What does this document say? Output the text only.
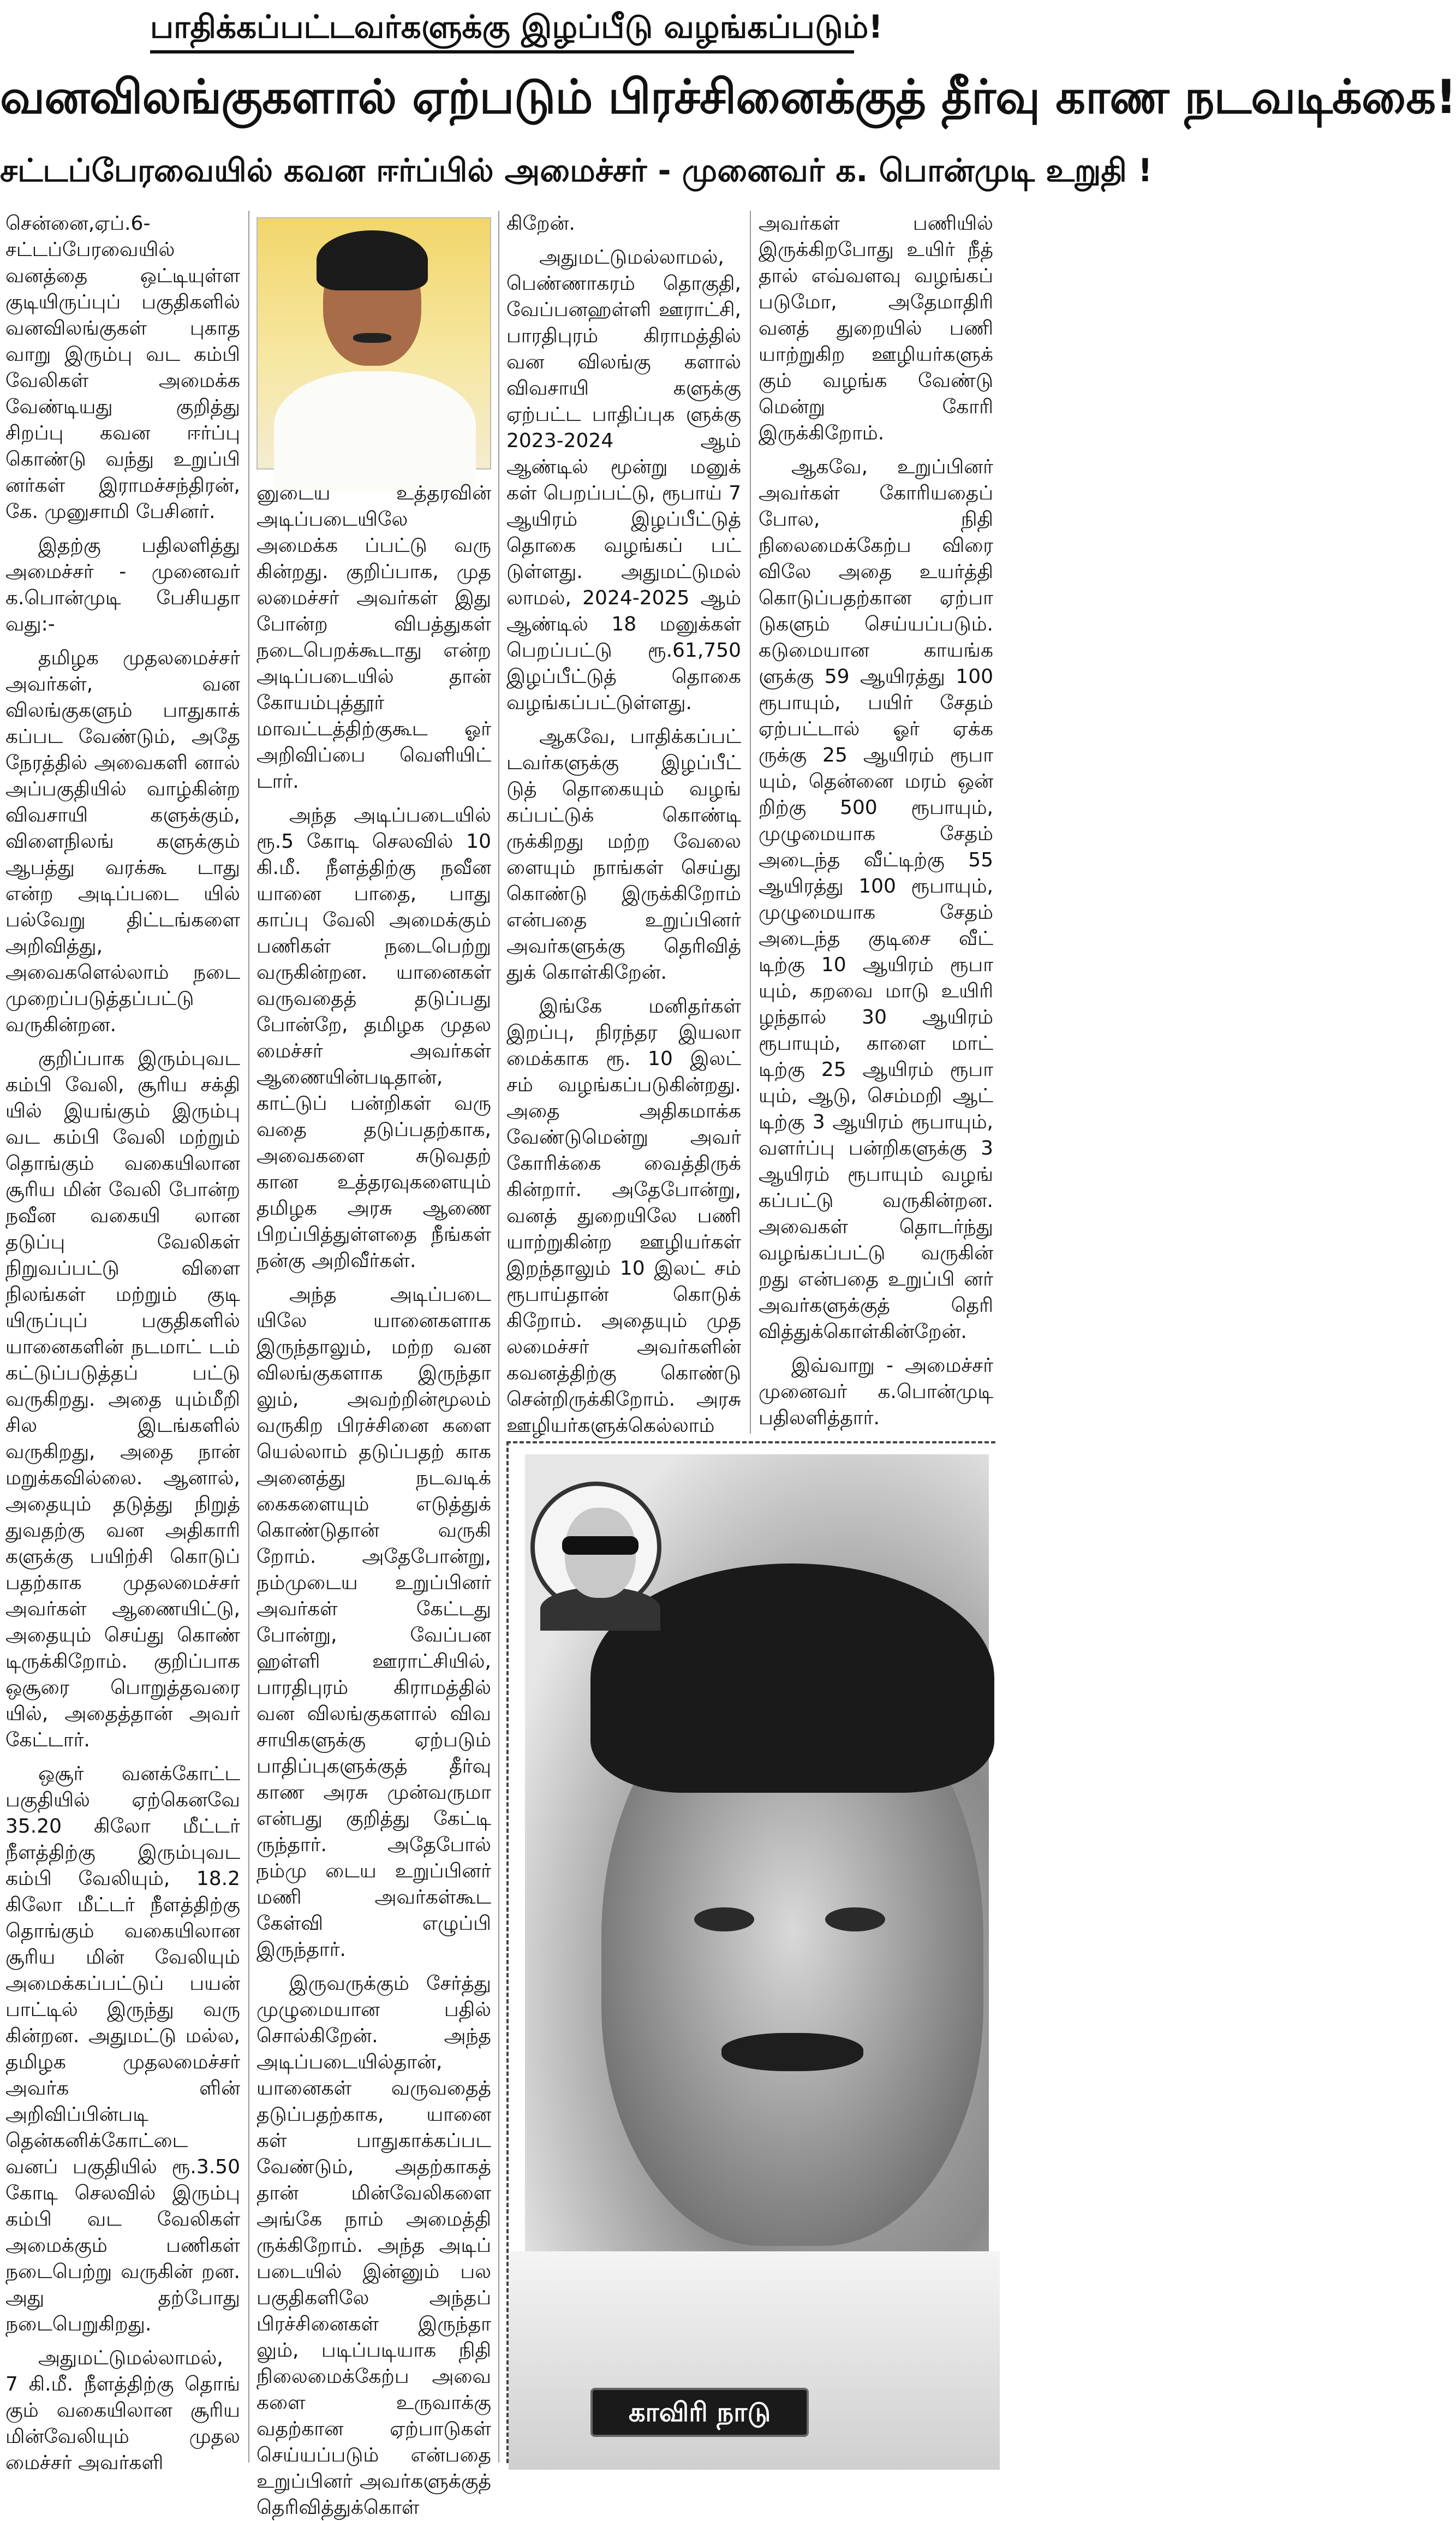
பாதிக்கப்பட்டவர்களுக்கு இழப்பீடு வழங்கப்படும்!
வனவிலங்குகளால் ஏற்படும் பிரச்சினைக்குத் தீர்வு காண நடவடிக்கை!
சட்டப்பேரவையில் கவன ஈர்ப்பில் அமைச்சர் - முனைவர் க. பொன்முடி உறுதி !

சென்னை,ஏப்.6- சட்டப்பேரவையில் வனத்தை ஒட்டியுள்ள குடியிருப்புப் பகுதிகளில் வனவிலங்குகள் புகாத வாறு இரும்பு வட கம்பி வேலிகள் அமைக்க வேண்டியது குறித்து சிறப்பு கவன ஈர்ப்பு கொண்டு வந்து உறுப்பி னர்கள் இராமச்சந்திரன், கே. முனுசாமி பேசினர்.

இதற்கு பதிலளித்து அமைச்சர் - முனைவர் க.பொன்முடி பேசியதா வது:-

தமிழக முதலமைச்சர் அவர்கள், வன விலங்குகளும் பாதுகாக் கப்பட வேண்டும், அதே நேரத்தில் அவைகளி னால் அப்பகுதியில் வாழ்கின்ற விவசாயி களுக்கும், விளைநிலங் களுக்கும் ஆபத்து வரக்கூ டாது என்ற அடிப்படை யில் பல்வேறு திட்டங்களை அறிவித்து, அவைகளெல்லாம் நடை முறைப்படுத்தப்பட்டு வருகின்றன.

குறிப்பாக இரும்புவட கம்பி வேலி, சூரிய சக்தி யில் இயங்கும் இரும்பு வட கம்பி வேலி மற்றும் தொங்கும் வகையிலான சூரிய மின் வேலி போன்ற நவீன வகையி லான தடுப்பு வேலிகள் நிறுவப்பட்டு விளை நிலங்கள் மற்றும் குடி யிருப்புப் பகுதிகளில் யானைகளின் நடமாட் டம் கட்டுப்படுத்தப் பட்டு வருகிறது. அதை யும்மீறி சில இடங்களில் வருகிறது, அதை நான் மறுக்கவில்லை. ஆனால், அதையும் தடுத்து நிறுத் துவதற்கு வன அதிகாரி களுக்கு பயிற்சி கொடுப் பதற்காக முதலமைச்சர் அவர்கள் ஆணையிட்டு, அதையும் செய்து கொண் டிருக்கிறோம். குறிப்பாக ஒசூரை பொறுத்தவரை யில், அதைத்தான் அவர் கேட்டார்.

ஒசூர் வனக்கோட்ட பகுதியில் ஏற்கெனவே 35.20 கிலோ மீட்டர் நீளத்திற்கு இரும்புவட கம்பி வேலியும், 18.2 கிலோ மீட்டர் நீளத்திற்கு தொங்கும் வகையிலான சூரிய மின் வேலியும் அமைக்கப்பட்டுப் பயன் பாட்டில் இருந்து வரு கின்றன. அதுமட்டு மல்ல, தமிழக முதலமைச்சர் அவர்க ளின் அறிவிப்பின்படி தென்கனிக்கோட்டை வனப் பகுதியில் ரூ.3.50 கோடி செலவில் இரும்பு கம்பி வட வேலிகள் அமைக்கும் பணிகள் நடைபெற்று வருகின் றன. அது தற்போது நடைபெறுகிறது.

அதுமட்டுமல்லாமல், 7 கி.மீ. நீளத்திற்கு தொங் கும் வகையிலான சூரிய மின்வேலியும் முதல மைச்சர் அவர்களி

னுடைய உத்தரவின் அடிப்படையிலே அமைக்க ப்பட்டு வரு கின்றது. குறிப்பாக, முத லமைச்சர் அவர்கள் இது போன்ற விபத்துகள் நடைபெறக்கூடாது என்ற அடிப்படையில் தான் கோயம்புத்தூர் மாவட்டத்திற்குகூட ஓர் அறிவிப்பை வெளியிட் டார்.

அந்த அடிப்படையில் ரூ.5 கோடி செலவில் 10 கி.மீ. நீளத்திற்கு நவீன யானை பாதை, பாது காப்பு வேலி அமைக்கும் பணிகள் நடைபெற்று வருகின்றன. யானைகள் வருவதைத் தடுப்பது போன்றே, தமிழக முதல மைச்சர் அவர்கள் ஆணையின்படிதான், காட்டுப் பன்றிகள் வரு வதை தடுப்பதற்காக, அவைகளை சுடுவதற் கான உத்தரவுகளையும் தமிழக அரசு ஆணை பிறப்பித்துள்ளதை நீங்கள் நன்கு அறிவீர்கள்.

அந்த அடிப்படை யிலே யானைகளாக இருந்தாலும், மற்ற வன விலங்குகளாக இருந்தா லும், அவற்றின்மூலம் வருகிற பிரச்சினை களை யெல்லாம் தடுப்பதற் காக அனைத்து நடவடிக் கைகளையும் எடுத்துக் கொண்டுதான் வருகி றோம். அதேபோன்று, நம்முடைய உறுப்பினர் அவர்கள் கேட்டது போன்று, வேப்பன ஹள்ளி ஊராட்சியில், பாரதிபுரம் கிராமத்தில் வன விலங்குகளால் விவ சாயிகளுக்கு ஏற்படும் பாதிப்புகளுக்குத் தீர்வு காண அரசு முன்வருமா என்பது குறித்து கேட்டி ருந்தார். அதேபோல் நம்மு டைய உறுப்பினர் மணி அவர்கள்கூட கேள்வி எழுப்பி இருந்தார்.

இருவருக்கும் சேர்த்து முழுமையான பதில் சொல்கிறேன். அந்த அடிப்படையில்தான், யானைகள் வருவதைத் தடுப்பதற்காக, யானை கள் பாதுகாக்கப்பட வேண்டும், அதற்காகத் தான் மின்வேலிகளை அங்கே நாம் அமைத்தி ருக்கிறோம். அந்த அடிப் படையில் இன்னும் பல பகுதிகளிலே அந்தப் பிரச்சினைகள் இருந்தா லும், படிப்படியாக நிதி நிலைமைக்கேற்ப அவை களை உருவாக்கு வதற்கான ஏற்பாடுகள் செய்யப்படும் என்பதை உறுப்பினர் அவர்களுக்குத் தெரிவித்துக்கொள்

கிறேன்.

அதுமட்டுமல்லாமல், பெண்ணாகரம் தொகுதி, வேப்பனஹள்ளி ஊராட்சி, பாரதிபுரம் கிராமத்தில் வன விலங்கு களால் விவசாயி களுக்கு ஏற்பட்ட பாதிப்புக ளுக்கு 2023-2024 ஆம் ஆண்டில் மூன்று மனுக் கள் பெறப்பட்டு, ரூபாய் 7 ஆயிரம் இழப்பீட்டுத் தொகை வழங்கப் பட் டுள்ளது. அதுமட்டுமல் லாமல், 2024-2025 ஆம் ஆண்டில் 18 மனுக்கள் பெறப்பட்டு ரூ.61,750 இழப்பீட்டுத் தொகை வழங்கப்பட்டுள்ளது.

ஆகவே, பாதிக்கப்பட் டவர்களுக்கு இழப்பீட் டுத் தொகையும் வழங் கப்பட்டுக் கொண்டி ருக்கிறது மற்ற வேலை ளையும் நாங்கள் செய்து கொண்டு இருக்கிறோம் என்பதை உறுப்பினர் அவர்களுக்கு தெரிவித் துக் கொள்கிறேன்.

இங்கே மனிதர்கள் இறப்பு, நிரந்தர இயலா மைக்காக ரூ. 10 இலட் சம் வழங்கப்படுகின்றது. அதை அதிகமாக்க வேண்டுமென்று அவர் கோரிக்கை வைத்திருக் கின்றார். அதேபோன்று, வனத் துறையிலே பணி யாற்றுகின்ற ஊழியர்கள் இறந்தாலும் 10 இலட் சம் ரூபாய்தான் கொடுக் கிறோம். அதையும் முத லமைச்சர் அவர்களின் கவனத்திற்கு கொண்டு சென்றிருக்கிறோம். அரசு ஊழியர்களுக்கெல்லாம்

அவர்கள் பணியில் இருக்கிறபோது உயிர் நீத் தால் எவ்வளவு வழங்கப் படுமோ, அதேமாதிரி வனத் துறையில் பணி யாற்றுகிற ஊழியர்களுக் கும் வழங்க வேண்டு மென்று கோரி இருக்கிறோம்.

ஆகவே, உறுப்பினர் அவர்கள் கோரியதைப் போல, நிதி நிலைமைக்கேற்ப விரை விலே அதை உயர்த்தி கொடுப்பதற்கான ஏற்பா டுகளும் செய்யப்படும். கடுமையான காயங்க ளுக்கு 59 ஆயிரத்து 100 ரூபாயும், பயிர் சேதம் ஏற்பட்டால் ஓர் ஏக்க ருக்கு 25 ஆயிரம் ரூபா யும், தென்னை மரம் ஒன் றிற்கு 500 ரூபாயும், முழுமையாக சேதம் அடைந்த வீட்டிற்கு 55 ஆயிரத்து 100 ரூபாயும், முழுமையாக சேதம் அடைந்த குடிசை வீட் டிற்கு 10 ஆயிரம் ரூபா யும், கறவை மாடு உயிரி ழந்தால் 30 ஆயிரம் ரூபாயும், காளை மாட் டிற்கு 25 ஆயிரம் ரூபா யும், ஆடு, செம்மறி ஆட் டிற்கு 3 ஆயிரம் ரூபாயும், வளர்ப்பு பன்றிகளுக்கு 3 ஆயிரம் ரூபாயும் வழங் கப்பட்டு வருகின்றன. அவைகள் தொடர்ந்து வழங்கப்பட்டு வருகின் றது என்பதை உறுப்பி னர் அவர்களுக்குத் தெரி வித்துக்கொள்கின்றேன்.

இவ்வாறு - அமைச்சர் முனைவர் க.பொன்முடி பதிலளித்தார்.

காவிரி நாடு
